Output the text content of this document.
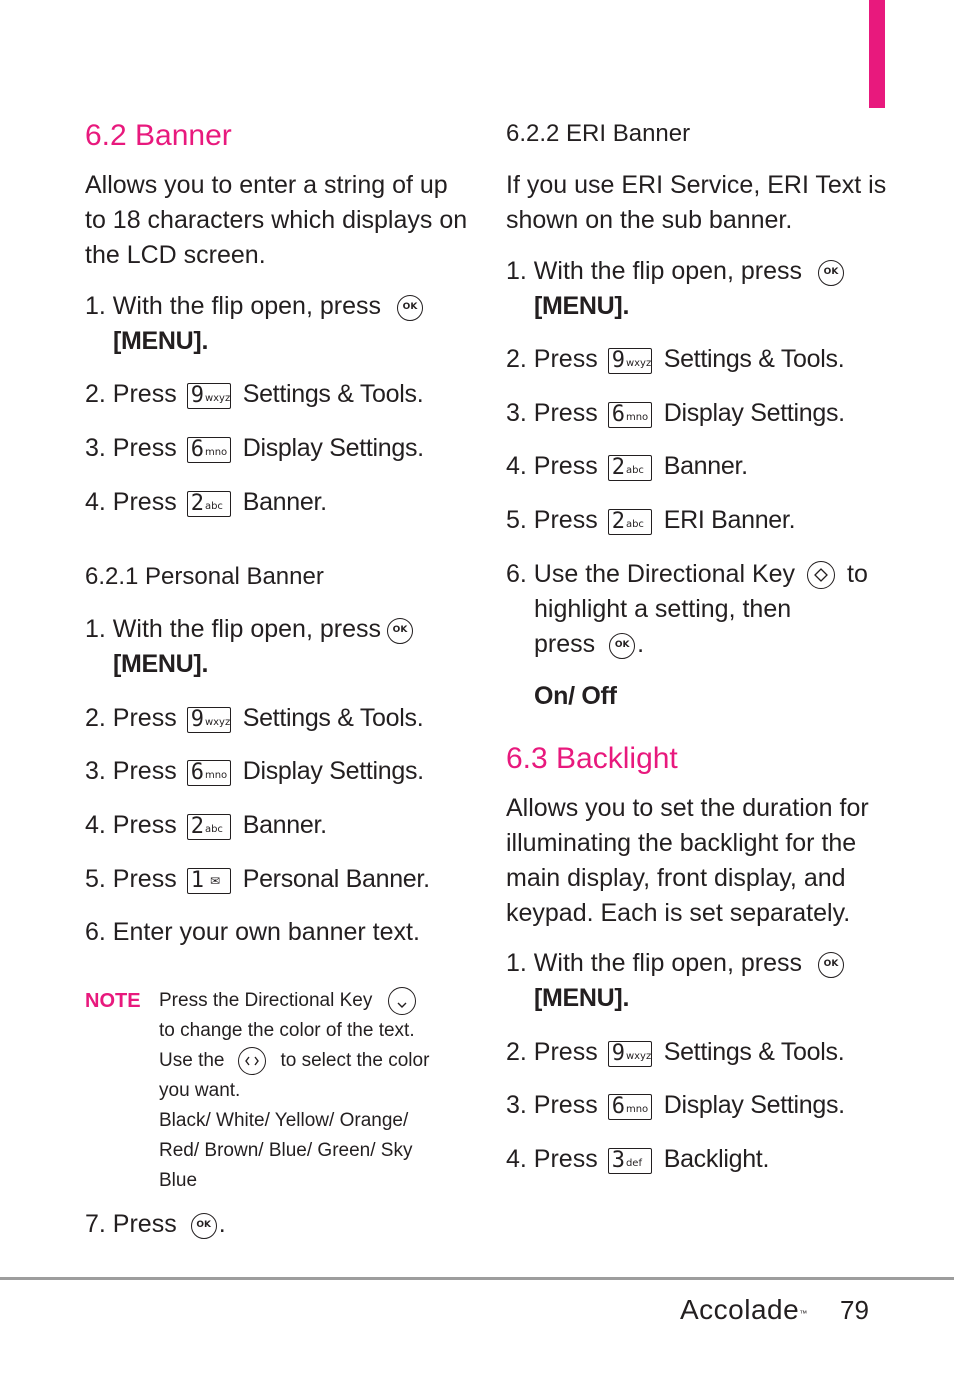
6.2 Banner
Allows you to enter a string of up
to 18 characters which displays on
the LCD screen.
1. With the flip open, press	OK
[MENU].
2. Press 9 wxyz Settings & Tools.
3. Press 6 mno Display Settings.
4. Press 2 abc Banner.
6.2.1 Personal Banner
1. With the flip open, press	OK
[MENU].
2. Press 9 wxyz Settings & Tools.
3. Press 6 mno Display Settings.
4. Press 2 abc Banner.
5. Press 1 ✉ Personal Banner.
6. Enter your own banner text.
NOTE Press the Directional Key
to change the color of the text.
Use the	to select the color
you want.
Black/ White/ Yellow/ Orange/
Red/ Brown/ Blue/ Green/ Sky
Blue
7. Press	OK .
6.2.2 ERI Banner
If you use ERI Service, ERI Text is
shown on the sub banner.
1. With the flip open, press	OK
[MENU].
2. Press 9 wxyz Settings & Tools.
3. Press 6 mno Display Settings.
4. Press 2 abc Banner.
5. Press 2 abc ERI Banner.
6. Use the Directional Key to
highlight a setting, then
press	OK .
On/ Off
6.3 Backlight
Allows you to set the duration for
illuminating the backlight for the
main display, front display, and
keypad. Each is set separately.
1. With the flip open, press	OK
[MENU].
2. Press 9 wxyz Settings & Tools.
3. Press 6 mno Display Settings.
4. Press 3 def Backlight.
Accolade™ 79
